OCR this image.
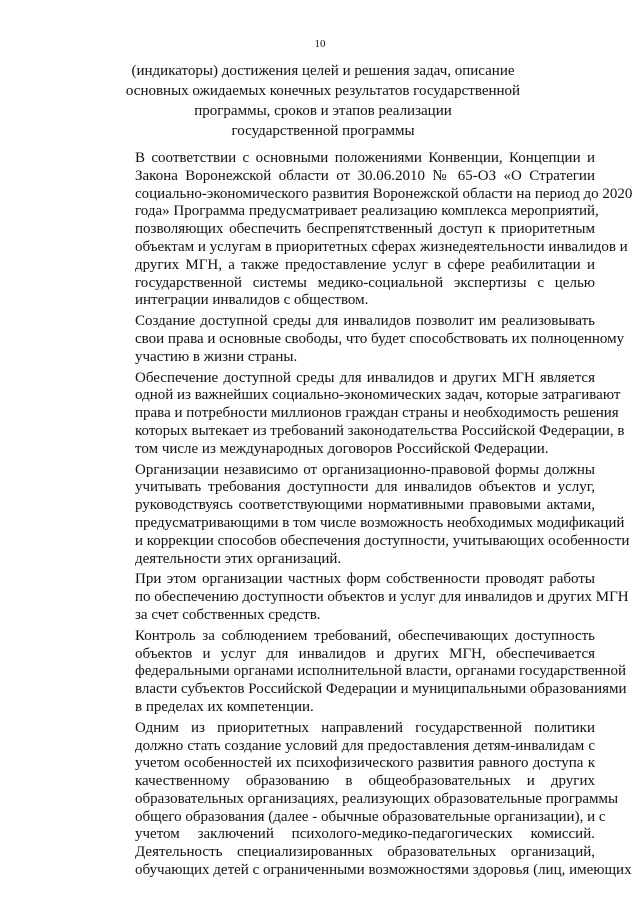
10
(индикаторы) достижения целей и решения задач, описание
основных ожидаемых конечных результатов государственной
программы, сроков и этапов реализации
государственной программы
В соответствии с основными положениями Конвенции, Концепции и
Закона Воронежской области от 30.06.2010 № 65-ОЗ «О Стратегии
социально-экономического развития Воронежской области на период до 2020
года» Программа предусматривает реализацию комплекса мероприятий,
позволяющих обеспечить беспрепятственный доступ к приоритетным
объектам и услугам в приоритетных сферах жизнедеятельности инвалидов и
других МГН, а также предоставление услуг в сфере реабилитации и
государственной системы медико-социальной экспертизы с целью
интеграции инвалидов с обществом.
Создание доступной среды для инвалидов позволит им реализовывать
свои права и основные свободы, что будет способствовать их полноценному
участию в жизни страны.
Обеспечение доступной среды для инвалидов и других МГН является
одной из важнейших социально-экономических задач, которые затрагивают
права и потребности миллионов граждан страны и необходимость решения
которых вытекает из требований законодательства Российской Федерации, в
том числе из международных договоров Российской Федерации.
Организации независимо от организационно-правовой формы должны
учитывать требования доступности для инвалидов объектов и услуг,
руководствуясь соответствующими нормативными правовыми актами,
предусматривающими в том числе возможность необходимых модификаций
и коррекции способов обеспечения доступности, учитывающих особенности
деятельности этих организаций.
При этом организации частных форм собственности проводят работы
по обеспечению доступности объектов и услуг для инвалидов и других МГН
за счет собственных средств.
Контроль за соблюдением требований, обеспечивающих доступность
объектов и услуг для инвалидов и других МГН, обеспечивается
федеральными органами исполнительной власти, органами государственной
власти субъектов Российской Федерации и муниципальными образованиями
в пределах их компетенции.
Одним из приоритетных направлений государственной политики
должно стать создание условий для предоставления детям-инвалидам с
учетом особенностей их психофизического развития равного доступа к
качественному образованию в общеобразовательных и других
образовательных организациях, реализующих образовательные программы
общего образования (далее - обычные образовательные организации), и с
учетом заключений психолого-медико-педагогических комиссий.
Деятельность специализированных образовательных организаций,
обучающих детей с ограниченными возможностями здоровья (лиц, имеющих
